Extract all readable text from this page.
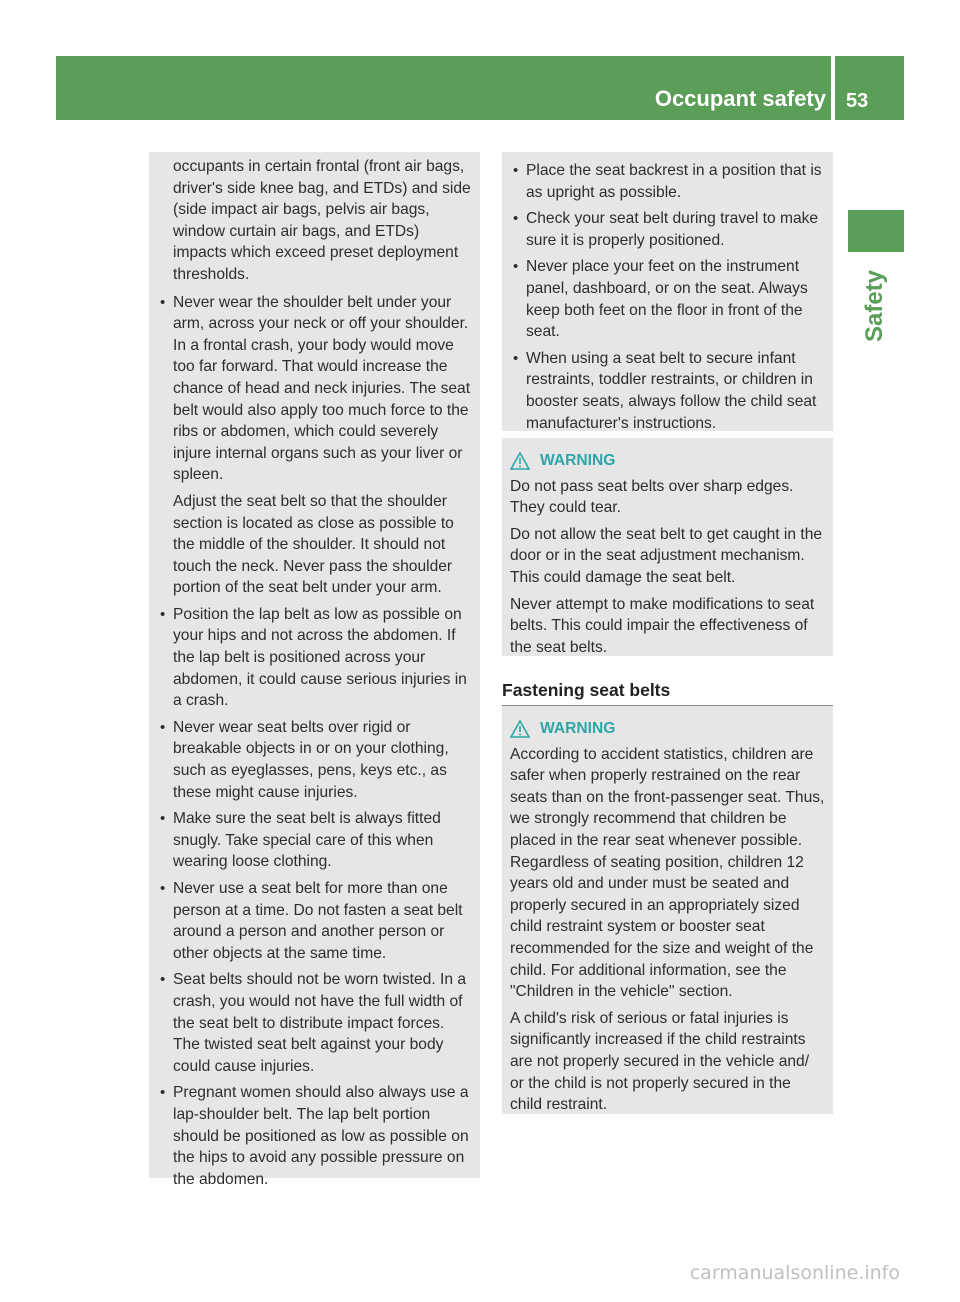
Occupant safety 53
Safety

occupants in certain frontal (front air bags, driver's side knee bag, and ETDs) and side (side impact air bags, pelvis air bags, window curtain air bags, and ETDs) impacts which exceed preset deployment thresholds.

• Never wear the shoulder belt under your arm, across your neck or off your shoulder. In a frontal crash, your body would move too far forward. That would increase the chance of head and neck injuries. The seat belt would also apply too much force to the ribs or abdomen, which could severely injure internal organs such as your liver or spleen.

Adjust the seat belt so that the shoulder section is located as close as possible to the middle of the shoulder. It should not touch the neck. Never pass the shoulder portion of the seat belt under your arm.

• Position the lap belt as low as possible on your hips and not across the abdomen. If the lap belt is positioned across your abdomen, it could cause serious injuries in a crash.

• Never wear seat belts over rigid or breakable objects in or on your clothing, such as eyeglasses, pens, keys etc., as these might cause injuries.

• Make sure the seat belt is always fitted snugly. Take special care of this when wearing loose clothing.

• Never use a seat belt for more than one person at a time. Do not fasten a seat belt around a person and another person or other objects at the same time.

• Seat belts should not be worn twisted. In a crash, you would not have the full width of the seat belt to distribute impact forces. The twisted seat belt against your body could cause injuries.

• Pregnant women should also always use a lap-shoulder belt. The lap belt portion should be positioned as low as possible on the hips to avoid any possible pressure on the abdomen.

• Place the seat backrest in a position that is as upright as possible.

• Check your seat belt during travel to make sure it is properly positioned.

• Never place your feet on the instrument panel, dashboard, or on the seat. Always keep both feet on the floor in front of the seat.

• When using a seat belt to secure infant restraints, toddler restraints, or children in booster seats, always follow the child seat manufacturer's instructions.

WARNING

Do not pass seat belts over sharp edges. They could tear.

Do not allow the seat belt to get caught in the door or in the seat adjustment mechanism. This could damage the seat belt.

Never attempt to make modifications to seat belts. This could impair the effectiveness of the seat belts.

Fastening seat belts
WARNING

According to accident statistics, children are safer when properly restrained on the rear seats than on the front-passenger seat. Thus, we strongly recommend that children be placed in the rear seat whenever possible. Regardless of seating position, children 12 years old and under must be seated and properly secured in an appropriately sized child restraint system or booster seat recommended for the size and weight of the child. For additional information, see the "Children in the vehicle" section.

A child's risk of serious or fatal injuries is significantly increased if the child restraints are not properly secured in the vehicle and/ or the child is not properly secured in the child restraint.

carmanualsonline.info
